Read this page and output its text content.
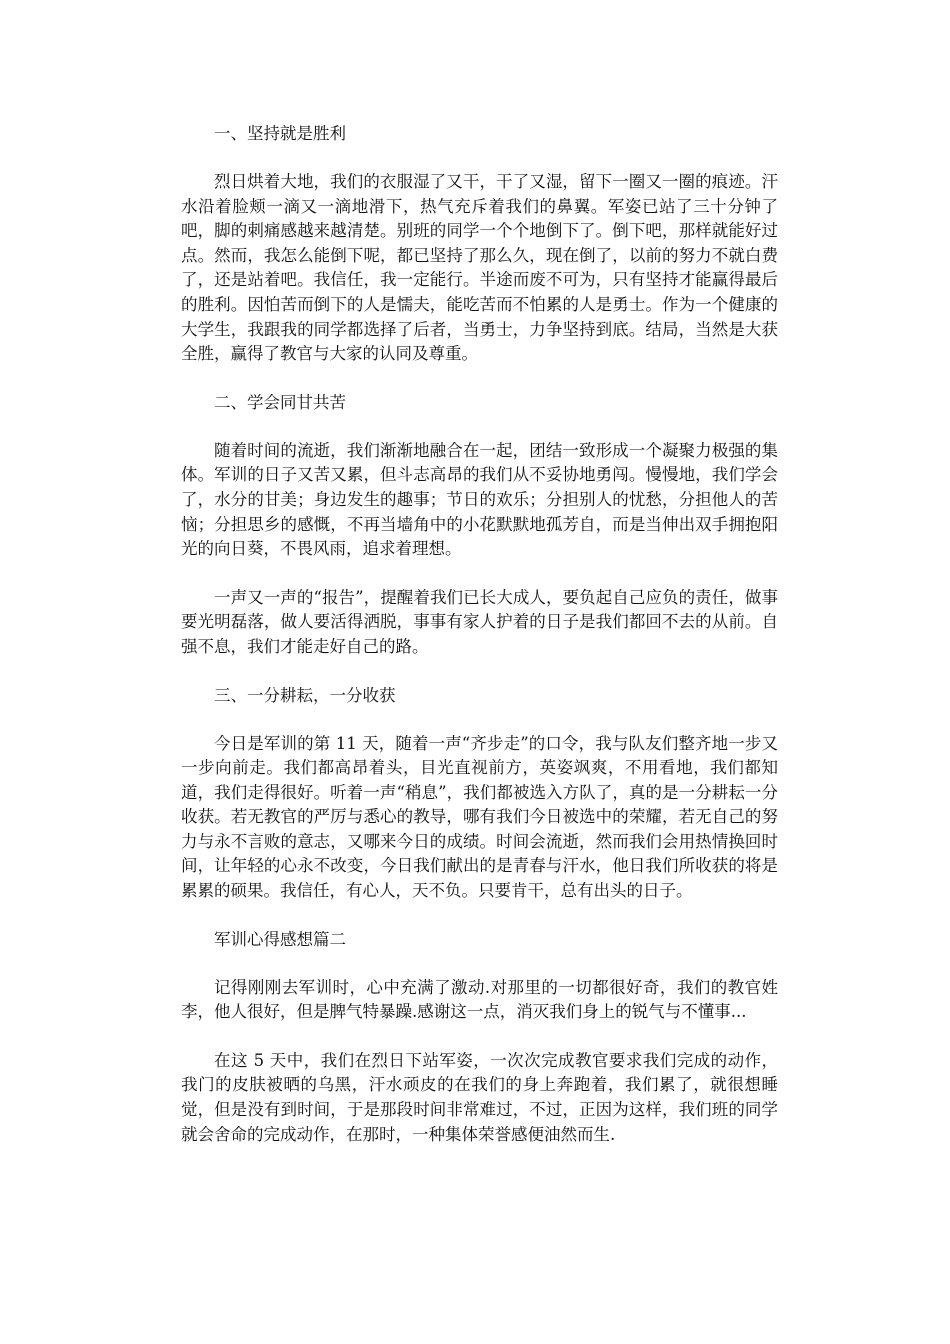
一、坚持就是胜利

烈日烘着大地，我们的衣服湿了又干，干了又湿，留下一圈又一圈的痕迹。汗水沿着脸颊一滴又一滴地滑下，热气充斥着我们的鼻翼。军姿已站了三十分钟了吧，脚的刺痛感越来越清楚。别班的同学一个个地倒下了。倒下吧，那样就能好过点。然而，我怎么能倒下呢，都已坚持了那么久，现在倒了，以前的努力不就白费了，还是站着吧。我信任，我一定能行。半途而废不可为，只有坚持才能赢得最后的胜利。因怕苦而倒下的人是懦夫，能吃苦而不怕累的人是勇士。作为一个健康的大学生，我跟我的同学都选择了后者，当勇士，力争坚持到底。结局，当然是大获全胜，赢得了教官与大家的认同及尊重。

二、学会同甘共苦

随着时间的流逝，我们渐渐地融合在一起，团结一致形成一个凝聚力极强的集体。军训的日子又苦又累，但斗志高昂的我们从不妥协地勇闯。慢慢地，我们学会了，水分的甘美；身边发生的趣事；节日的欢乐；分担别人的忧愁，分担他人的苦恼；分担思乡的感慨，不再当墙角中的小花默默地孤芳自，而是当伸出双手拥抱阳光的向日葵，不畏风雨，追求着理想。

一声又一声的“报告”，提醒着我们已长大成人，要负起自己应负的责任，做事要光明磊落，做人要活得洒脱，事事有家人护着的日子是我们都回不去的从前。自强不息，我们才能走好自己的路。

三、一分耕耘，一分收获

今日是军训的第 11 天，随着一声“齐步走”的口令，我与队友们整齐地一步又一步向前走。我们都高昂着头，目光直视前方，英姿飒爽，不用看地，我们都知道，我们走得很好。听着一声“稍息”，我们都被选入方队了，真的是一分耕耘一分收获。若无教官的严厉与悉心的教导，哪有我们今日被选中的荣耀，若无自己的努力与永不言败的意志，又哪来今日的成绩。时间会流逝，然而我们会用热情换回时间，让年轻的心永不改变，今日我们献出的是青春与汗水，他日我们所收获的将是累累的硕果。我信任，有心人，天不负。只要肯干，总有出头的日子。

军训心得感想篇二

记得刚刚去军训时，心中充满了激动.对那里的一切都很好奇，我们的教官姓李，他人很好，但是脾气特暴躁.感谢这一点，消灭我们身上的锐气与不懂事...

在这 5 天中，我们在烈日下站军姿，一次次完成教官要求我们完成的动作，我门的皮肤被晒的乌黑，汗水顽皮的在我们的身上奔跑着，我们累了，就很想睡觉，但是没有到时间，于是那段时间非常难过，不过，正因为这样，我们班的同学就会舍命的完成动作，在那时，一种集体荣誉感便油然而生.
